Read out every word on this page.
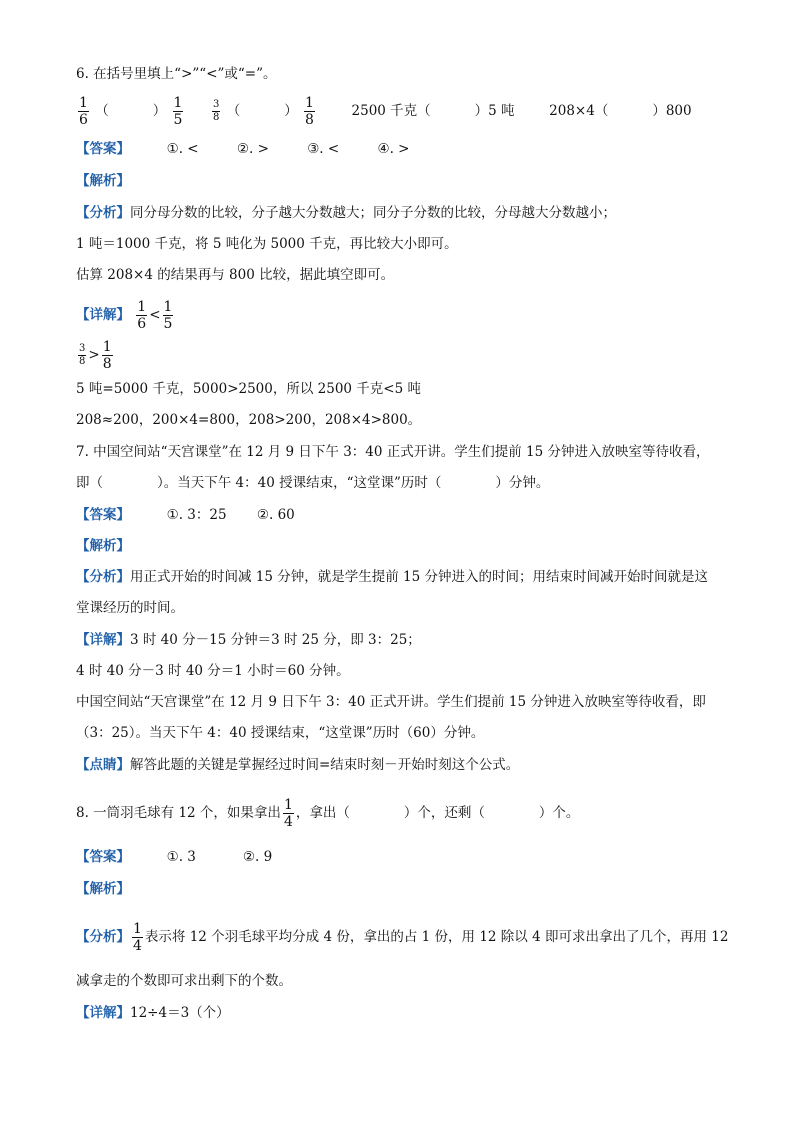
6. 在括号里填上“>”“<”或“=”。
$\frac{1}{6}$ （	） $\frac{1}{5}$
	$\frac{3}{8}$ （	） $\frac{1}{8}$	2500 千克（	）5 吨	208×4（	）800
【答案】	①. <	②. >	③. <	④. >
【解析】
【分析】同分母分数的比较，分子越大分数越大；同分子分数的比较，分母越大分数越小；
1 吨＝1000 千克，将 5 吨化为 5000 千克，再比较大小即可。
估算 208×4 的结果再与 800 比较，据此填空即可。
【详解】 $\frac{1}{6} < \frac{1}{5}$
$\frac{3}{8} > \frac{1}{8}$
5 吨=5000 千克，5000>2500，所以 2500 千克<5 吨
208≈200，200×4=800，208>200，208×4>800。
7. 中国空间站“天宫课堂”在 12 月 9 日下午 3：40 正式开讲。学生们提前 15 分钟进入放映室等待收看，
即（　　　　）。当天下午 4：40 授课结束，“这堂课”历时（　　　　）分钟。
【答案】	①. 3：25 ②. 60
【解析】
【分析】用正式开始的时间减 15 分钟，就是学生提前 15 分钟进入的时间；用结束时间减开始时间就是这
堂课经历的时间。
【详解】3 时 40 分－15 分钟＝3 时 25 分，即 3：25；
4 时 40 分－3 时 40 分＝1 小时＝60 分钟。
中国空间站“天宫课堂”在 12 月 9 日下午 3：40 正式开讲。学生们提前 15 分钟进入放映室等待收看，即
（3：25）。当天下午 4：40 授课结束，“这堂课”历时（60）分钟。
【点睛】解答此题的关键是掌握经过时间=结束时刻－开始时刻这个公式。
8. 一筒羽毛球有 12 个，如果拿出 $\frac{1}{4}$ ，拿出（　　　　）个，还剩（　　　　）个。
【答案】	①. 3	②. 9
【解析】
【分析】 $\frac{1}{4}$ 表示将 12 个羽毛球平均分成 4 份，拿出的占 1 份，用 12 除以 4 即可求出拿出了几个，再用 12
减拿走的个数即可求出剩下的个数。
【详解】12÷4＝3（个）
